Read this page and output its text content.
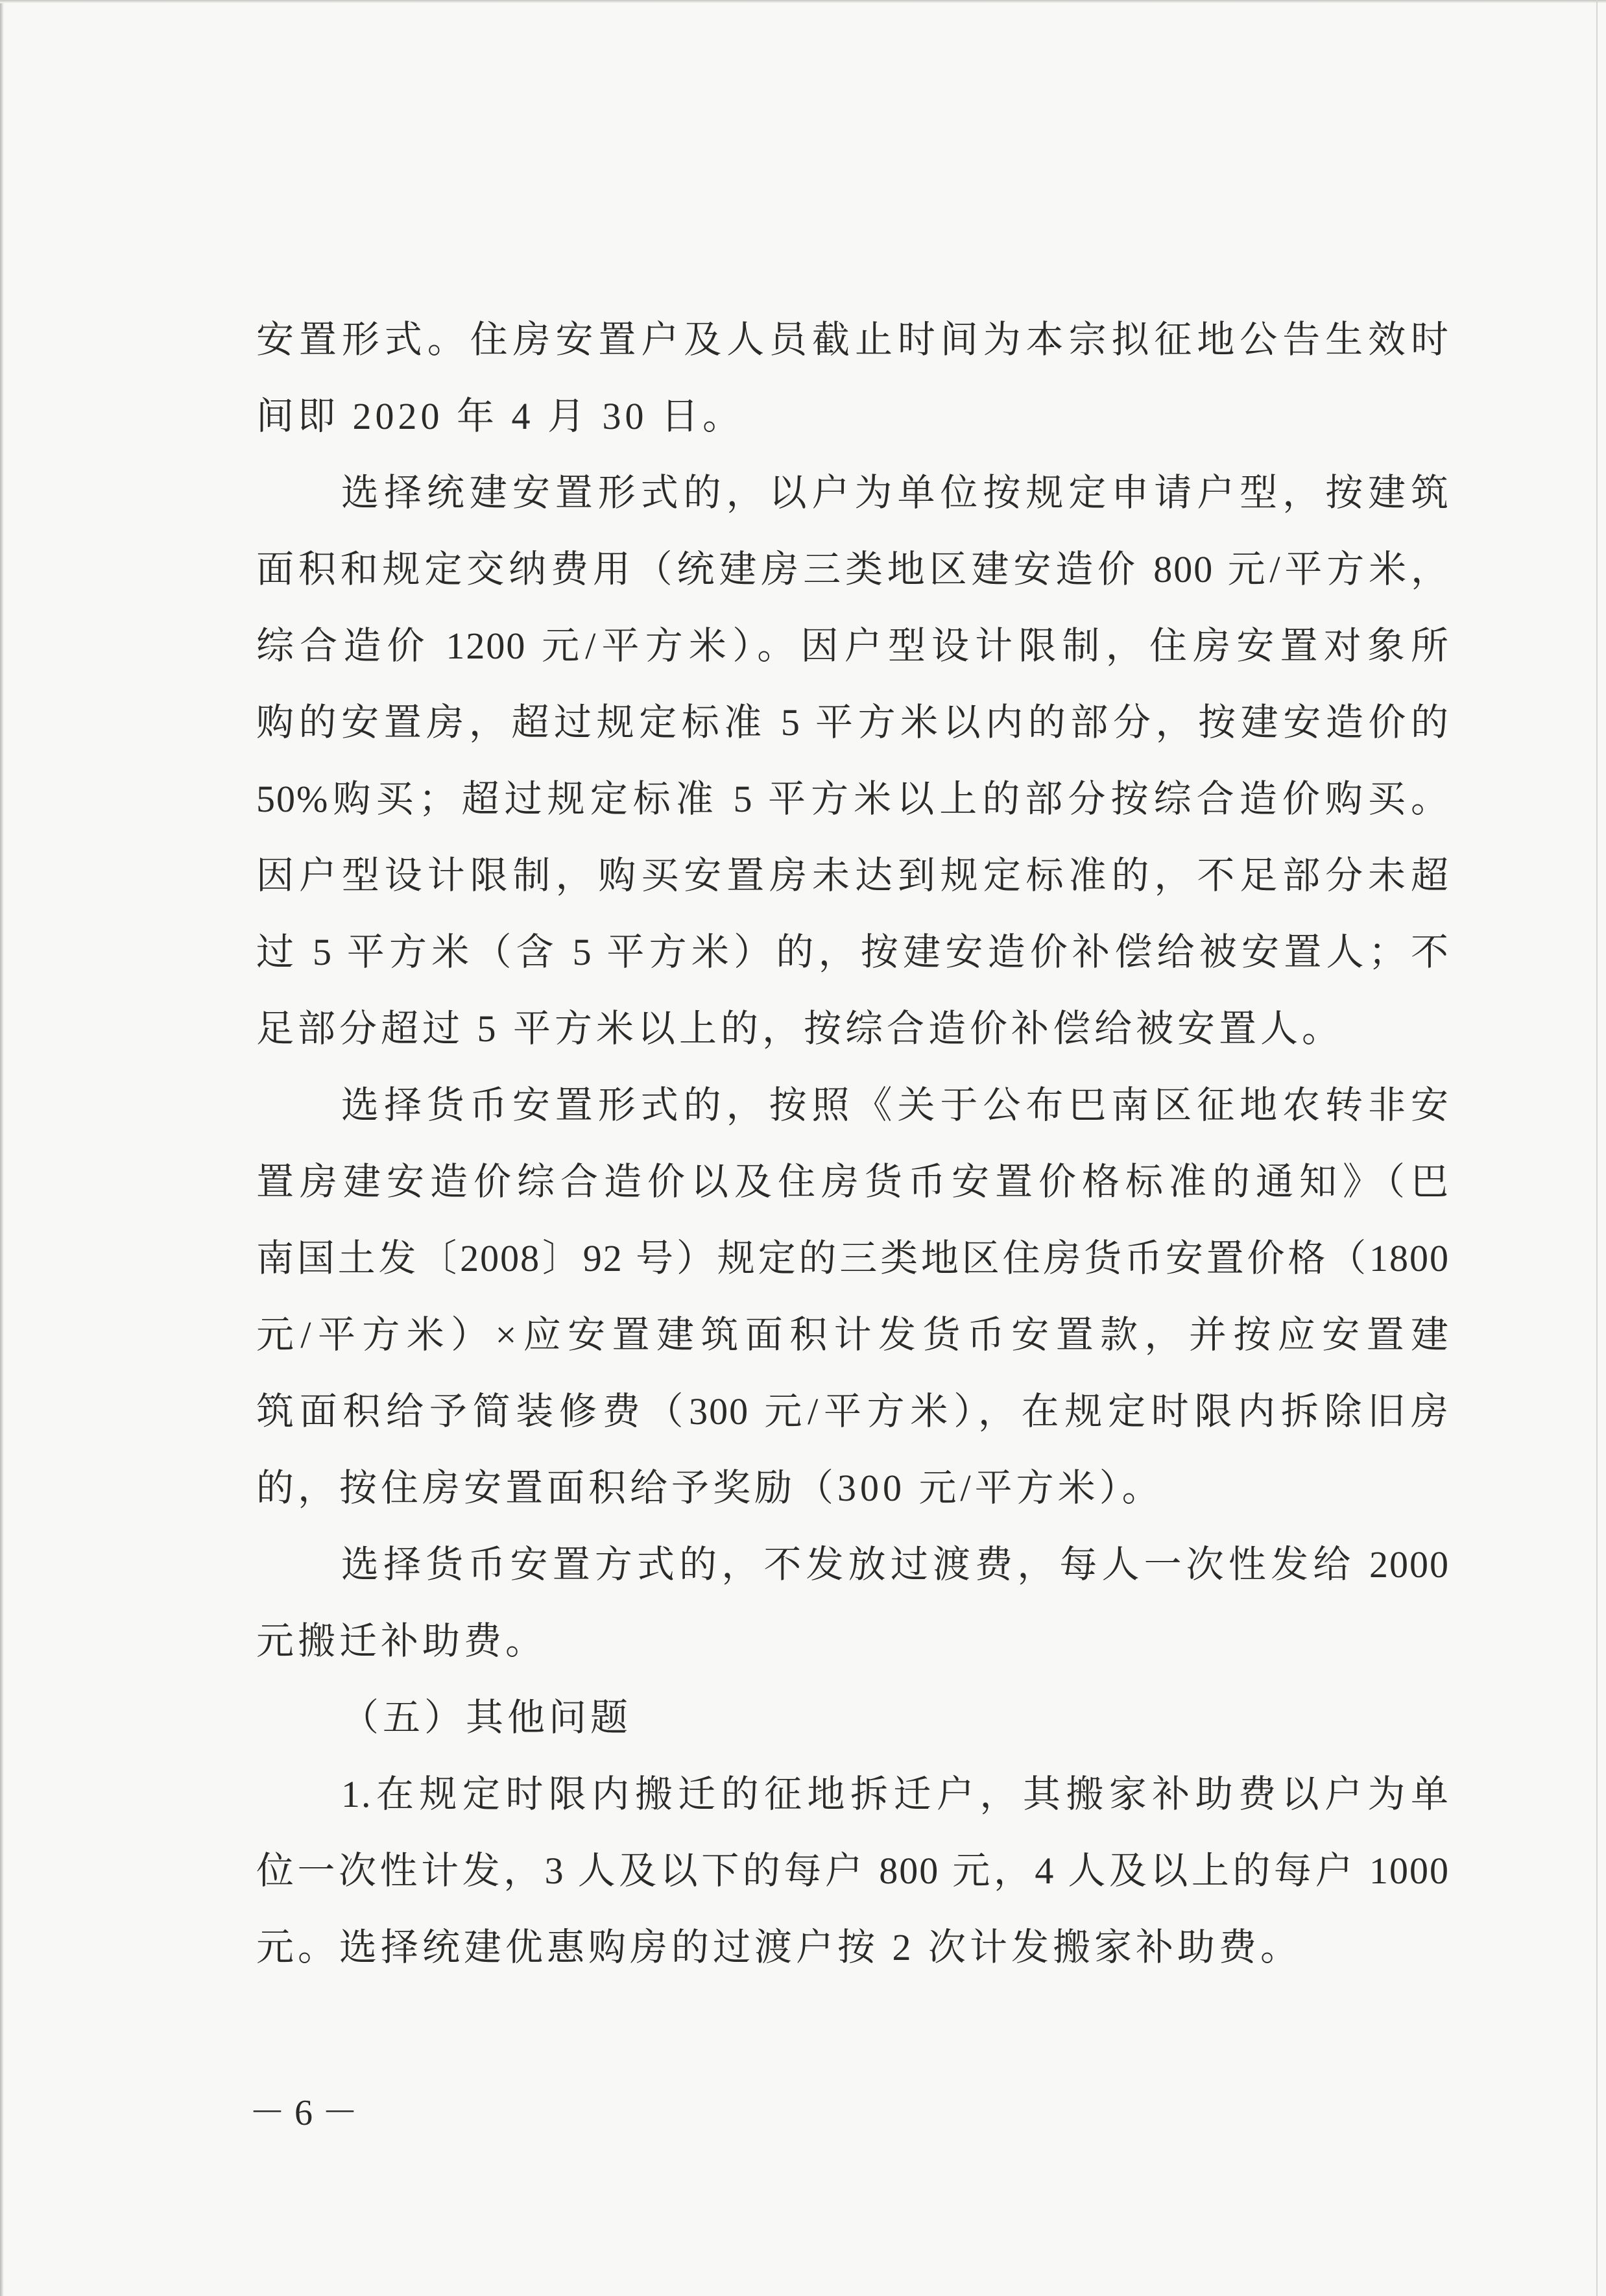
安置形式。住房安置户及人员截止时间为本宗拟征地公告生效时
间即 2020 年 4 月 30 日。
选择统建安置形式的，以户为单位按规定申请户型，按建筑
面积和规定交纳费用（统建房三类地区建安造价 800 元/平方米，
综合造价 1200 元/平方米）。因户型设计限制，住房安置对象所
购的安置房，超过规定标准 5 平方米以内的部分，按建安造价的
50%购买；超过规定标准 5 平方米以上的部分按综合造价购买。
因户型设计限制，购买安置房未达到规定标准的，不足部分未超
过 5 平方米（含 5 平方米）的，按建安造价补偿给被安置人；不
足部分超过 5 平方米以上的，按综合造价补偿给被安置人。
选择货币安置形式的，按照《关于公布巴南区征地农转非安
置房建安造价综合造价以及住房货币安置价格标准的通知》（巴
南国土发〔2008〕92 号）规定的三类地区住房货币安置价格（1800
元/平方米）×应安置建筑面积计发货币安置款，并按应安置建
筑面积给予简装修费（300 元/平方米），在规定时限内拆除旧房
的，按住房安置面积给予奖励（300 元/平方米）。
选择货币安置方式的，不发放过渡费，每人一次性发给 2000
元搬迁补助费。
（五）其他问题
1.在规定时限内搬迁的征地拆迁户，其搬家补助费以户为单
位一次性计发，3 人及以下的每户 800 元，4 人及以上的每户 1000
元。选择统建优惠购房的过渡户按 2 次计发搬家补助费。
－ 6 －
